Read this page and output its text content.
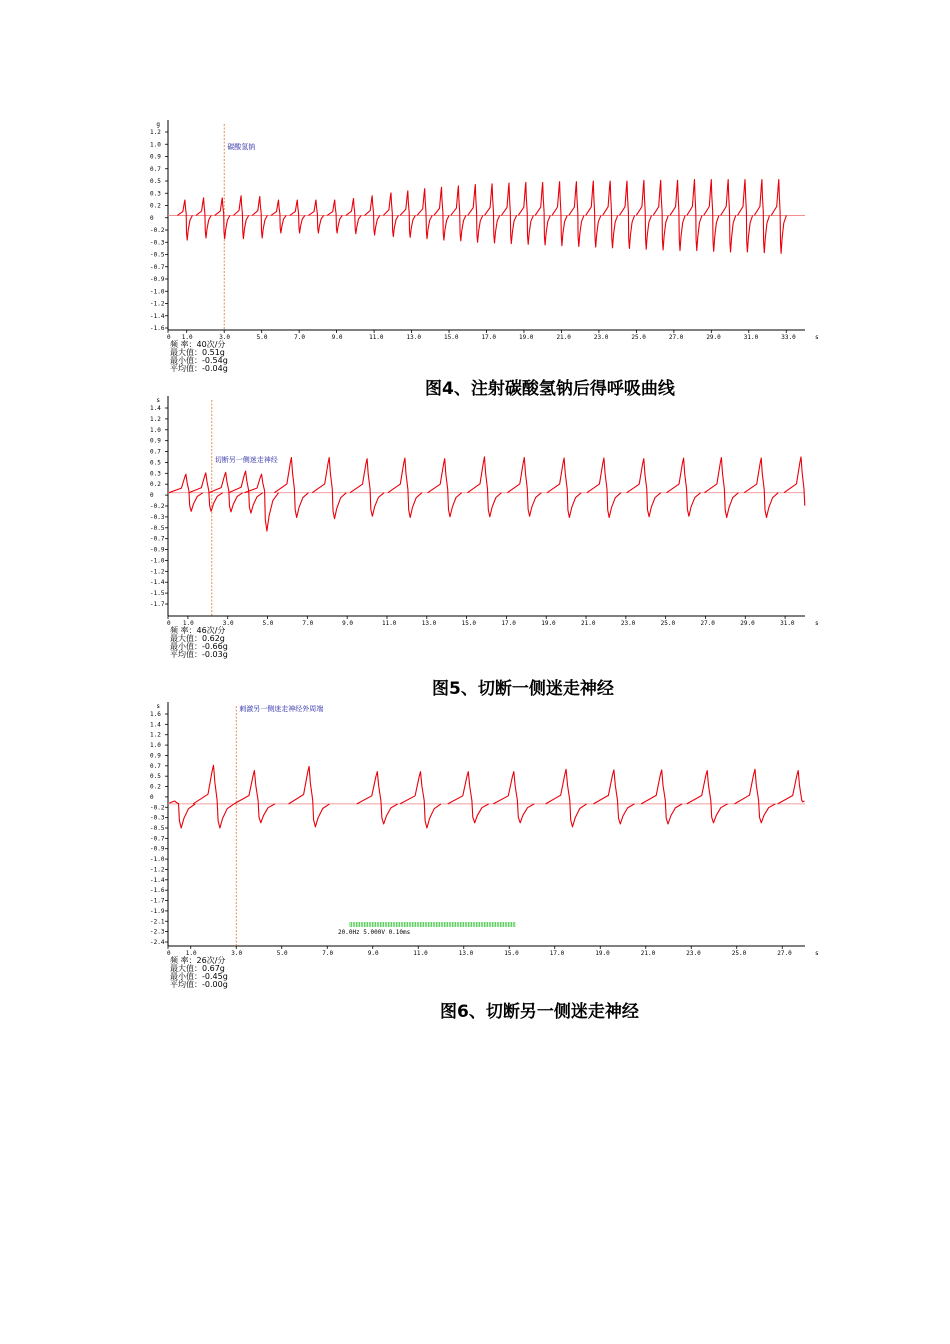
g
1.2
1.0
0.9
0.7
0.5
0.3
0.2
0
-0.2
-0.3
-0.5
-0.7
-0.9
-1.0
-1.2
-1.4
-1.6
0 1.0	3.0	5.0	7.0	9.0	11.0	13.0	15.0	17.0	19.0	21.0	23.0	25.0	27.0	29.0	31.0	33.0	s
碳酸氢钠
频 率：40次/分
最大值：0.51g
最小值：-0.54g
平均值：-0.04g
图4、注射碳酸氢钠后得呼吸曲线
s
1.4
1.2
1.0
0.9
0.7
0.5
0.3
0.2
0
-0.2
-0.3
-0.5
-0.7
-0.9
-1.0
-1.2
-1.4
-1.5
-1.7
0 1.0	3.0	5.0	7.0	9.0	11.0	13.0	15.0	17.0	19.0	21.0	23.0	25.0	27.0	29.0	31.0	s
切断另一侧迷走神经
频 率：46次/分
最大值：0.62g
最小值：-0.66g
平均值：-0.03g
图5、切断一侧迷走神经
s
1.6
1.4
1.2
1.0
0.9
0.7
0.5
0.2
0
-0.2
-0.3
-0.5
-0.7
-0.9
-1.0
-1.2
-1.4
-1.6
-1.7
-1.9
-2.1
-2.3
-2.4
0	1.0	3.0	5.0	7.0	9.0	11.0	13.0	15.0	17.0	19.0	21.0	23.0	25.0	27.0	s
刺激另一侧迷走神经外周端
20.0Hz 5.000V 0.10ms
频 率：26次/分
最大值：0.67g
最小值：-0.45g
平均值：-0.00g
图6、切断另一侧迷走神经
